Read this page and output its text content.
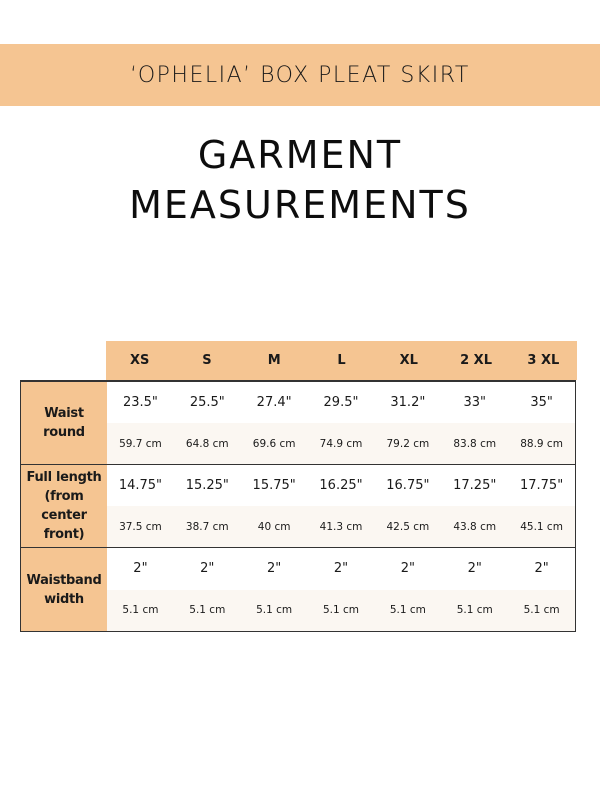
‘OPHELIA’ BOX PLEAT SKIRT
GARMENT
MEASUREMENTS
XS	S	M	L	XL	2 XL	3 XL
Waist round
23.5"	25.5"	27.4"	29.5"	31.2"	33"	35"
59.7 cm	64.8 cm	69.6 cm	74.9 cm	79.2 cm	83.8 cm	88.9 cm
Full length
(from center
front)
14.75"	15.25"	15.75"	16.25"	16.75"	17.25"	17.75"
37.5 cm	38.7 cm	40 cm	41.3 cm	42.5 cm	43.8 cm	45.1 cm
Waistband
width
2"	2"	2"	2"	2"	2"	2"
5.1 cm	5.1 cm	5.1 cm	5.1 cm	5.1 cm	5.1 cm	5.1 cm
